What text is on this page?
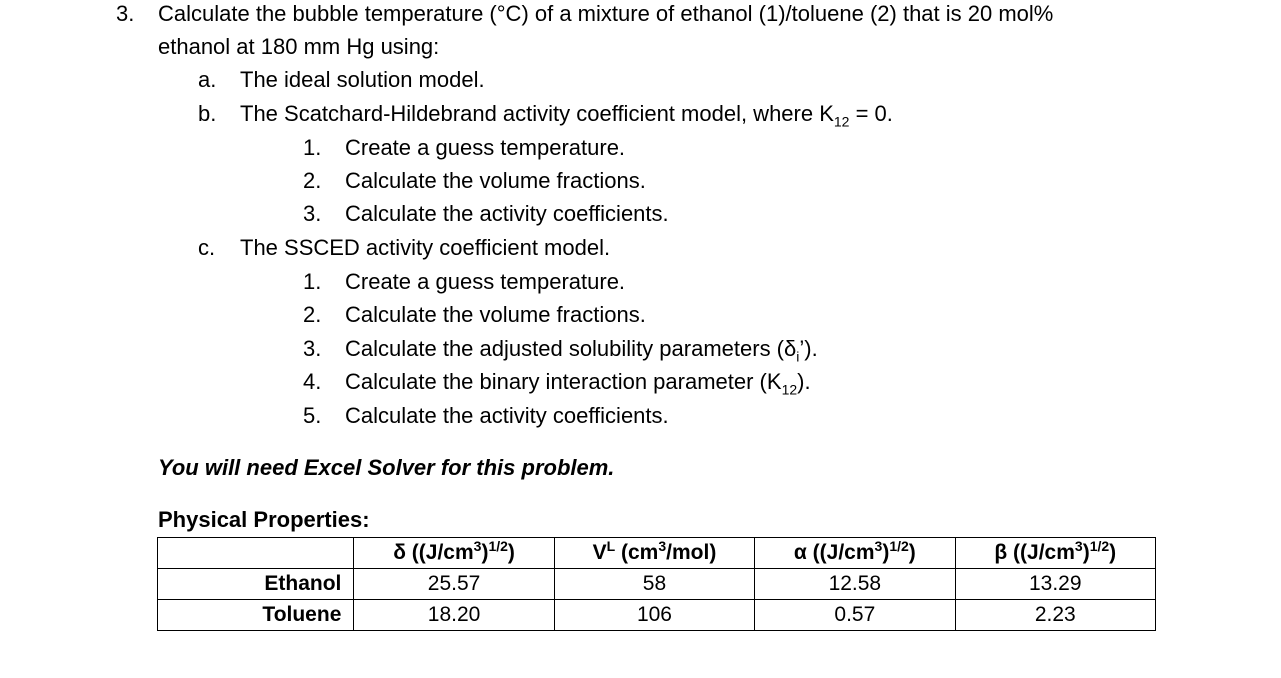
3. Calculate the bubble temperature (°C) of a mixture of ethanol (1)/toluene (2) that is 20 mol%
ethanol at 180 mm Hg using:
a. The ideal solution model.
b. The Scatchard-Hildebrand activity coefficient model, where $K_{12} = 0$.
1. Create a guess temperature.
2. Calculate the volume fractions.
3. Calculate the activity coefficients.
c. The SSCED activity coefficient model.
1. Create a guess temperature.
2. Calculate the volume fractions.
3. Calculate the adjusted solubility parameters $(\delta_i’)$.
4. Calculate the binary interaction parameter $(K_{12})$.
5. Calculate the activity coefficients.
You will need Excel Solver for this problem.
Physical Properties:
	δ $((J/cm^3)^{1/2})$	$V^L$ $(cm^3/mol)$	α $((J/cm^3)^{1/2})$	β $((J/cm^3)^{1/2})$
Ethanol	25.57	58	12.58	13.29
Toluene	18.20	106	0.57	2.23
